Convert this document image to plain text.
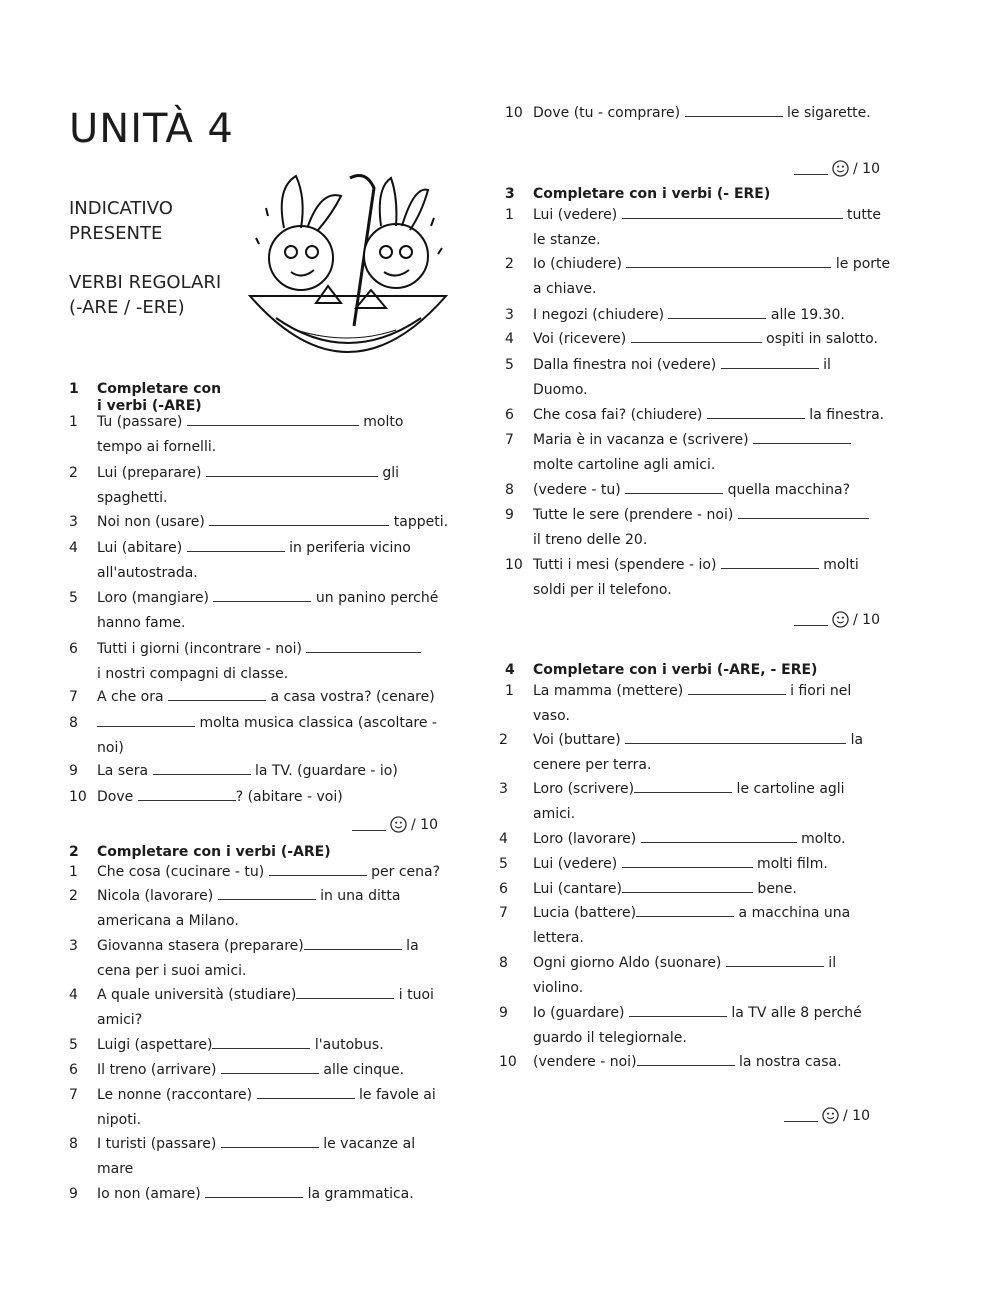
UNITÀ 4
INDICATIVO
PRESENTE
VERBI REGOLARI
(-ARE / -ERE)
1 Completare con
i verbi (-ARE)
1 Tu (passare)	molto
tempo ai fornelli.
2 Lui (preparare)	gli
spaghetti.
3 Noi non (usare)	tappeti.
4 Lui (abitare)	in periferia vicino
all'autostrada.
5 Loro (mangiare)	un panino perché
hanno fame.
6 Tutti i giorni (incontrare - noi)
i nostri compagni di classe.
7 A che ora	a casa vostra? (cenare)
8	molta musica classica (ascoltare -
noi)
9 La sera	la TV. (guardare - io)
10 Dove	? (abitare - voi)
/ 10
2 Completare con i verbi (-ARE)
1 Che cosa (cucinare - tu)	per cena?
2 Nicola (lavorare)	in una ditta
americana a Milano.
3 Giovanna stasera (preparare)	la
cena per i suoi amici.
4 A quale università (studiare)	i tuoi
amici?
5 Luigi (aspettare)	l'autobus.
6 Il treno (arrivare)	alle cinque.
7 Le nonne (raccontare)	le favole ai
nipoti.
8 I turisti (passare)	le vacanze al
mare
9 Io non (amare)	la grammatica.
10 Dove (tu - comprare)	le sigarette.
/ 10
3 Completare con i verbi (- ERE)
1 Lui (vedere)	tutte
le stanze.
2 Io (chiudere)	le porte
a chiave.
3 I negozi (chiudere)	alle 19.30.
4 Voi (ricevere)	ospiti in salotto.
5 Dalla finestra noi (vedere)	il
Duomo.
6 Che cosa fai? (chiudere)	la finestra.
7 Maria è in vacanza e (scrivere)
molte cartoline agli amici.
8 (vedere - tu)	quella macchina?
9 Tutte le sere (prendere - noi)
il treno delle 20.
10 Tutti i mesi (spendere - io)	molti
soldi per il telefono.
/ 10
4 Completare con i verbi (-ARE, - ERE)
1 La mamma (mettere)	i fiori nel
vaso.
2 Voi (buttare)	la
cenere per terra.
3 Loro (scrivere)	le cartoline agli
amici.
4 Loro (lavorare)	molto.
5 Lui (vedere)	molti film.
6 Lui (cantare)	bene.
7 Lucia (battere)	a macchina una
lettera.
8 Ogni giorno Aldo (suonare)	il
violino.
9 Io (guardare)	la TV alle 8 perché
guardo il telegiornale.
10 (vendere - noi)	la nostra casa.
/ 10
